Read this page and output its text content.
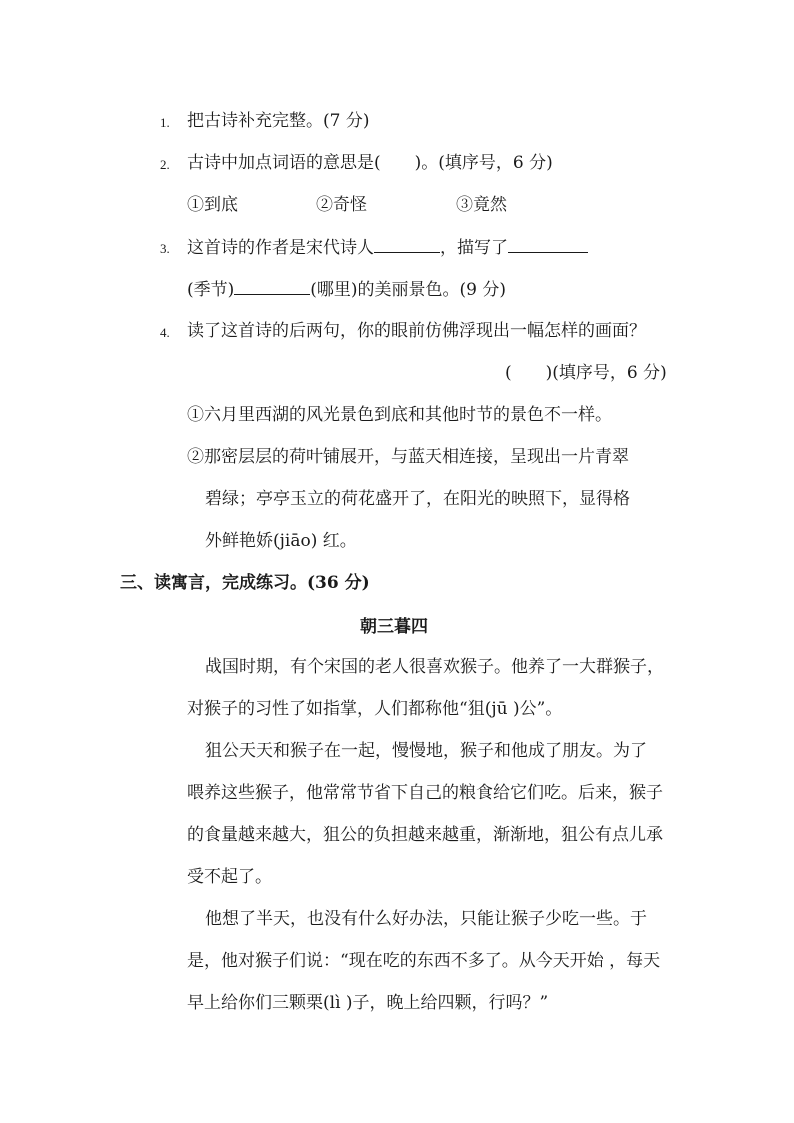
1. 把古诗补充完整。(7 分)
2. 古诗中加点词语的意思是(　　)。(填序号，6 分)
①到底	②奇怪	③竟然
3. 这首诗的作者是宋代诗人	，描写了
(季节)	(哪里)的美丽景色。(9 分)
4. 读了这首诗的后两句，你的眼前仿佛浮现出一幅怎样的画面？
(　　)(填序号，6 分)
①六月里西湖的风光景色到底和其他时节的景色不一样。
②那密层层的荷叶铺展开，与蓝天相连接，呈现出一片青翠
碧绿；亭亭玉立的荷花盛开了，在阳光的映照下，显得格
外鲜艳娇(jiāo) 红。
三、读寓言，完成练习。(36 分)
朝三暮四
战国时期，有个宋国的老人很喜欢猴子。他养了一大群猴子，
对猴子的习性了如指掌，人们都称他“狙(jū )公”。
狙公天天和猴子在一起，慢慢地，猴子和他成了朋友。为了
喂养这些猴子，他常常节省下自己的粮食给它们吃。后来，猴子
的食量越来越大，狙公的负担越来越重，渐渐地，狙公有点儿承
受不起了。
他想了半天，也没有什么好办法，只能让猴子少吃一些。于
是，他对猴子们说：“现在吃的东西不多了。从今天开始 ，每天
早上给你们三颗栗(lì )子，晚上给四颗，行吗？”
